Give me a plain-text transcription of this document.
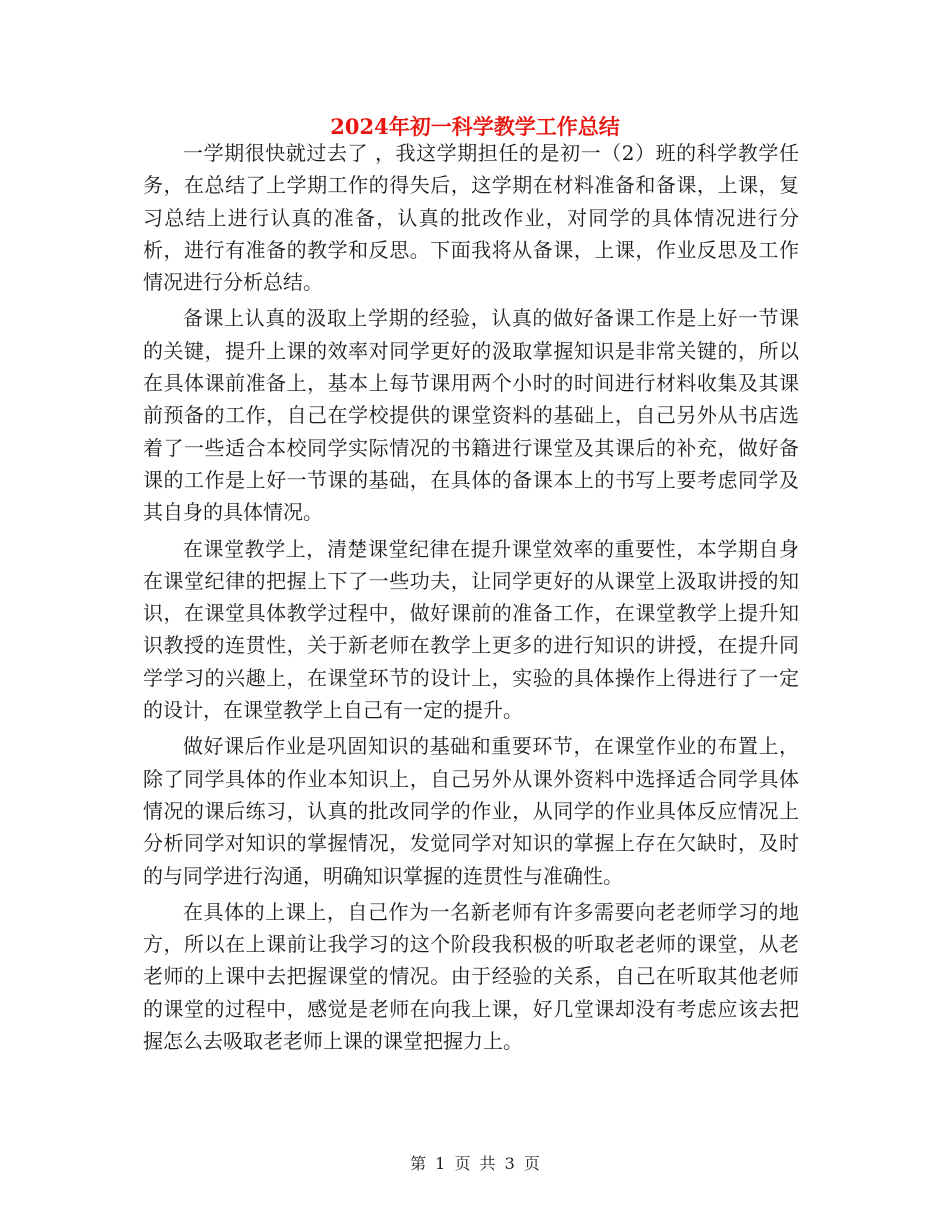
2024年初一科学教学工作总结

一学期很快就过去了 ，我这学期担任的是初一（2）班的科学教学任务，在总结了上学期工作的得失后，这学期在材料准备和备课，上课，复习总结上进行认真的准备，认真的批改作业，对同学的具体情况进行分析，进行有准备的教学和反思。下面我将从备课，上课，作业反思及工作情况进行分析总结。

备课上认真的汲取上学期的经验，认真的做好备课工作是上好一节课的关键，提升上课的效率对同学更好的汲取掌握知识是非常关键的，所以在具体课前准备上，基本上每节课用两个小时的时间进行材料收集及其课前预备的工作，自己在学校提供的课堂资料的基础上，自己另外从书店选着了一些适合本校同学实际情况的书籍进行课堂及其课后的补充，做好备课的工作是上好一节课的基础，在具体的备课本上的书写上要考虑同学及其自身的具体情况。

在课堂教学上，清楚课堂纪律在提升课堂效率的重要性，本学期自身在课堂纪律的把握上下了一些功夫，让同学更好的从课堂上汲取讲授的知识，在课堂具体教学过程中，做好课前的准备工作，在课堂教学上提升知识教授的连贯性，关于新老师在教学上更多的进行知识的讲授，在提升同学学习的兴趣上，在课堂环节的设计上，实验的具体操作上得进行了一定的设计，在课堂教学上自己有一定的提升。

做好课后作业是巩固知识的基础和重要环节，在课堂作业的布置上，除了同学具体的作业本知识上，自己另外从课外资料中选择适合同学具体情况的课后练习，认真的批改同学的作业，从同学的作业具体反应情况上分析同学对知识的掌握情况，发觉同学对知识的掌握上存在欠缺时，及时的与同学进行沟通，明确知识掌握的连贯性与准确性。

在具体的上课上，自己作为一名新老师有许多需要向老老师学习的地方，所以在上课前让我学习的这个阶段我积极的听取老老师的课堂，从老老师的上课中去把握课堂的情况。由于经验的关系，自己在听取其他老师的课堂的过程中，感觉是老师在向我上课，好几堂课却没有考虑应该去把握怎么去吸取老老师上课的课堂把握力上。

第 1 页 共 3 页
